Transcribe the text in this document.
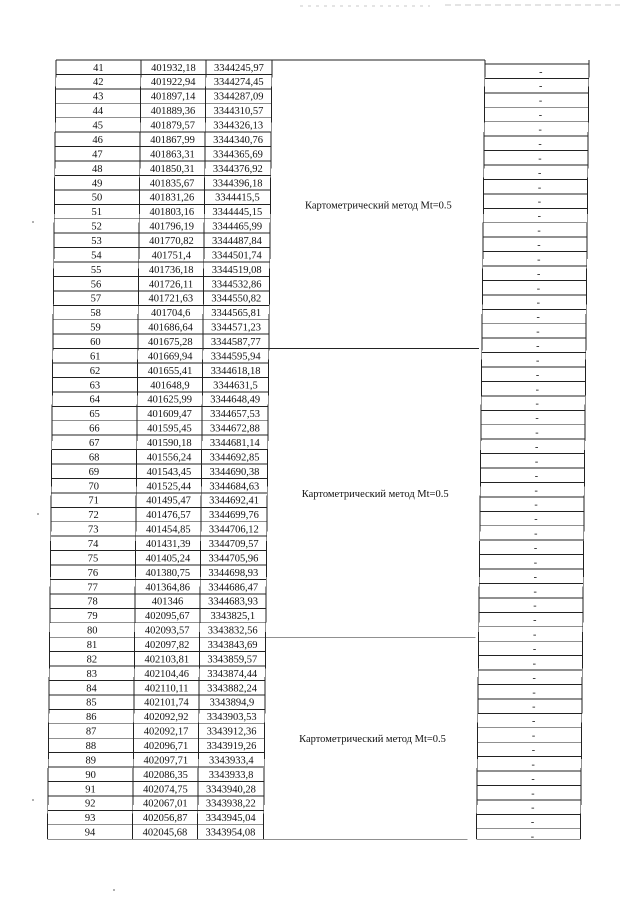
41	401932,18 3344245,97	-
42	401922,94 3344274,45	-
43	401897,14 3344287,09	-
44	401889,36 3344310,57	-
45	401879,57 3344326,13	-
46	401867,99 3344340,76	-
47	401863,31 3344365,69	-
48	401850,31 3344376,92	-
49	401835,67 3344396,18	-
50	401831,26 3344415,5	-
51	401803,16 3344445,15	-
52	401796,19 3344465,99	-
53	401770,82 3344487,84	-
54	401751,4 3344501,74	-
55	401736,18 3344519,08	-
56	401726,11 3344532,86	-
57	401721,63 3344550,82	-
58	401704,6 3344565,81	-
59	401686,64 3344571,23	-
60	401675,28 3344587,77	-
61	401669,94 3344595,94	-
62	401655,41 3344618,18	-
63	401648,9 3344631,5	-
64	401625,99 3344648,49	-
65	401609,47 3344657,53	-
66	401595,45 3344672,88	-
67	401590,18 3344681,14	-
68	401556,24 3344692,85	-
69	401543,45 3344690,38	-
70	401525,44 3344684,63	-
71	401495,47 3344692,41	-
72	401476,57 3344699,76	-
73	401454,85 3344706,12	-
74	401431,39 3344709,57	-
75	401405,24 3344705,96	-
76	401380,75 3344698,93	-
77	401364,86 3344686,47	-
78	401346 3344683,93	-
79	402095,67 3343825,1	-
80	402093,57 3343832,56	-
81	402097,82 3343843,69	-
82	402103,81 3343859,57	-
83	402104,46 3343874,44	-
84	402110,11 3343882,24	-
85	402101,74 3343894,9	-
86	402092,92 3343903,53	-
87	402092,17 3343912,36	-
88	402096,71 3343919,26	-
89	402097,71 3343933,4	-
90	402086,35 3343933,8	-
91	402074,75 3343940,28	-
92	402067,01 3343938,22	-
93	402056,87 3343945,04	-
94	402045,68 3343954,08	-
Картометрический метод Mt=0.5
Картометрический метод Mt=0.5
Картометрический метод Mt=0.5
